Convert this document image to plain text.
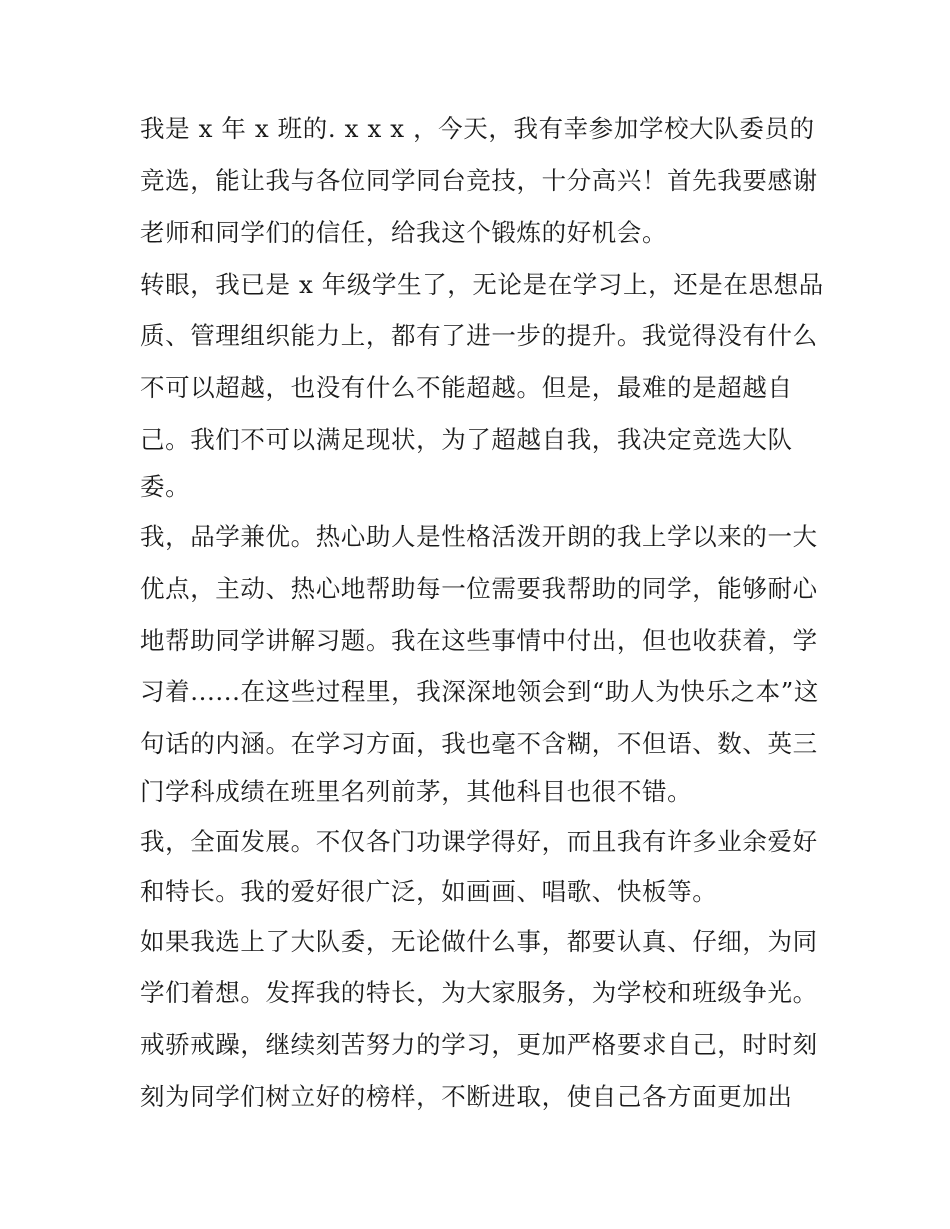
我是 x 年 x 班的. x x x ，今天，我有幸参加学校大队委员的
竞选，能让我与各位同学同台竞技，十分高兴！首先我要感谢
老师和同学们的信任，给我这个锻炼的好机会。
转眼，我已是 x 年级学生了，无论是在学习上，还是在思想品
质、管理组织能力上，都有了进一步的提升。我觉得没有什么
不可以超越，也没有什么不能超越。但是，最难的是超越自
己。我们不可以满足现状，为了超越自我，我决定竞选大队
委。
我，品学兼优。热心助人是性格活泼开朗的我上学以来的一大
优点，主动、热心地帮助每一位需要我帮助的同学，能够耐心
地帮助同学讲解习题。我在这些事情中付出，但也收获着，学
习着......在这些过程里，我深深地领会到“助人为快乐之本”这
句话的内涵。在学习方面，我也毫不含糊，不但语、数、英三
门学科成绩在班里名列前茅，其他科目也很不错。
我，全面发展。不仅各门功课学得好，而且我有许多业余爱好
和特长。我的爱好很广泛，如画画、唱歌、快板等。
如果我选上了大队委，无论做什么事，都要认真、仔细，为同
学们着想。发挥我的特长，为大家服务，为学校和班级争光。
戒骄戒躁，继续刻苦努力的学习，更加严格要求自己，时时刻
刻为同学们树立好的榜样，不断进取，使自己各方面更加出
